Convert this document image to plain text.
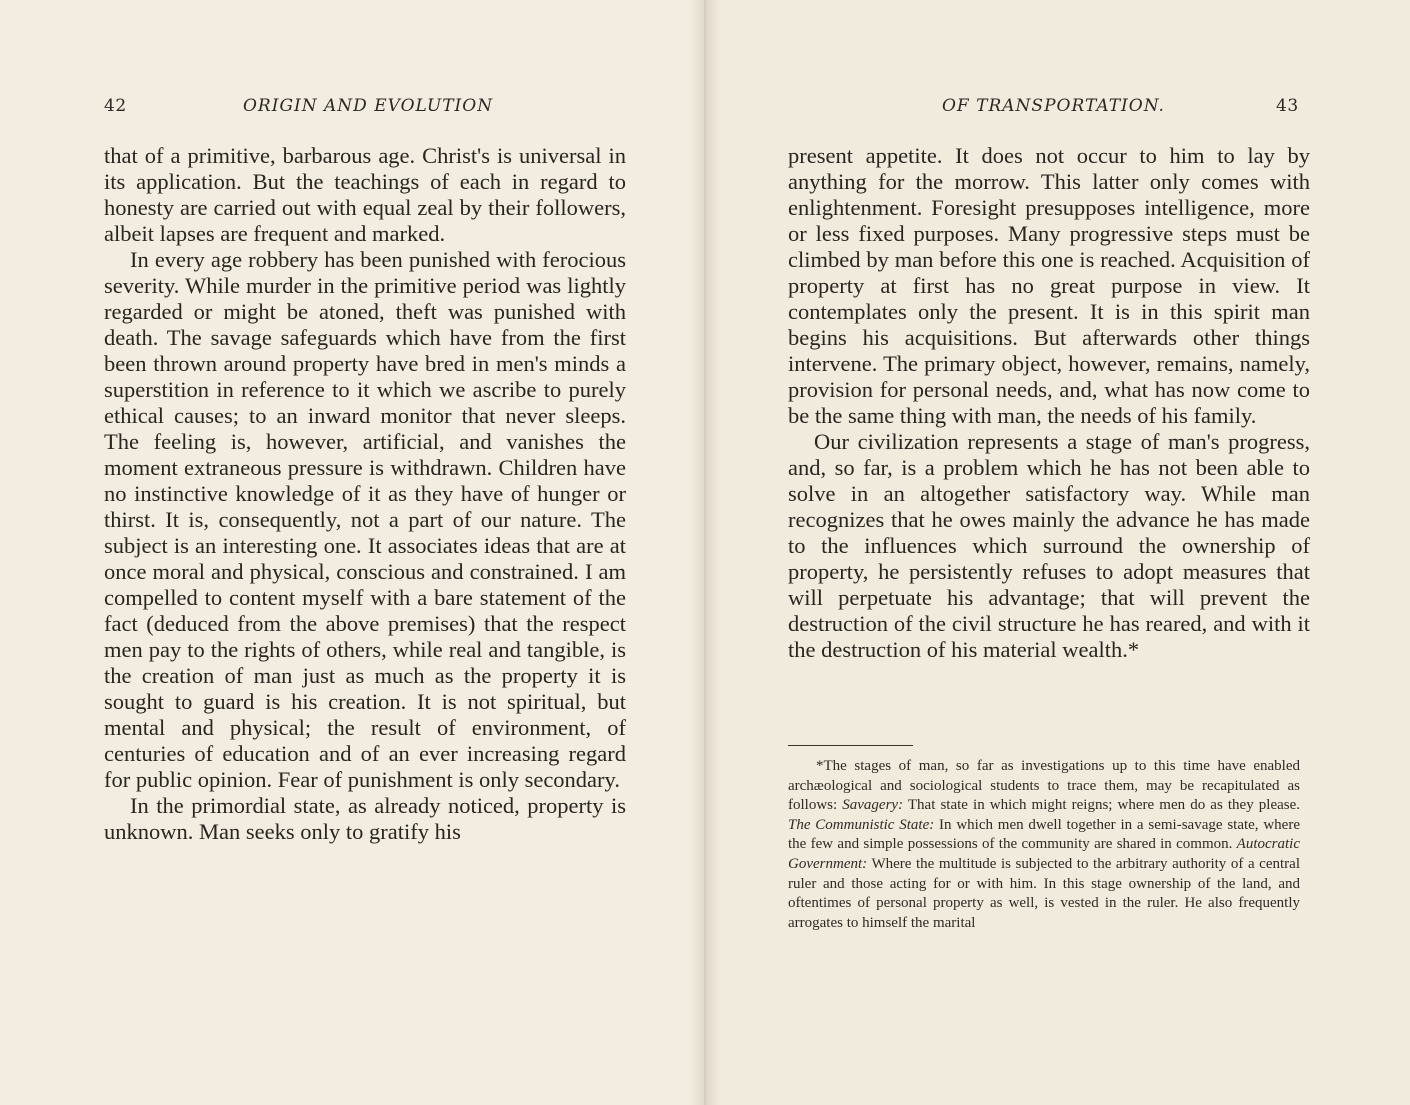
42	ORIGIN AND EVOLUTION

that of a primitive, barbarous age. Christ's is universal in its application. But the teachings of each in regard to honesty are carried out with equal zeal by their followers, albeit lapses are frequent and marked.

In every age robbery has been punished with ferocious severity. While murder in the primitive period was lightly regarded or might be atoned, theft was punished with death. The savage safeguards which have from the first been thrown around property have bred in men's minds a superstition in reference to it which we ascribe to purely ethical causes; to an inward monitor that never sleeps. The feeling is, however, artificial, and vanishes the moment extraneous pressure is withdrawn. Children have no instinctive knowledge of it as they have of hunger or thirst. It is, consequently, not a part of our nature. The subject is an interesting one. It associates ideas that are at once moral and physical, conscious and constrained. I am compelled to content myself with a bare statement of the fact (deduced from the above premises) that the respect men pay to the rights of others, while real and tangible, is the creation of man just as much as the property it is sought to guard is his creation. It is not spiritual, but mental and physical; the result of environment, of centuries of education and of an ever increasing regard for public opinion. Fear of punishment is only secondary.

In the primordial state, as already noticed, property is unknown. Man seeks only to gratify his

OF TRANSPORTATION.	43

present appetite. It does not occur to him to lay by anything for the morrow. This latter only comes with enlightenment. Foresight presupposes intelligence, more or less fixed purposes. Many progressive steps must be climbed by man before this one is reached. Acquisition of property at first has no great purpose in view. It contemplates only the present. It is in this spirit man begins his acquisitions. But afterwards other things intervene. The primary object, however, remains, namely, provision for personal needs, and, what has now come to be the same thing with man, the needs of his family.

Our civilization represents a stage of man's progress, and, so far, is a problem which he has not been able to solve in an altogether satisfactory way. While man recognizes that he owes mainly the advance he has made to the influences which surround the ownership of property, he persistently refuses to adopt measures that will perpetuate his advantage; that will prevent the destruction of the civil structure he has reared, and with it the destruction of his material wealth.*

*The stages of man, so far as investigations up to this time have enabled archæological and sociological students to trace them, may be recapitulated as follows: Savagery: That state in which might reigns; where men do as they please. The Communistic State: In which men dwell together in a semi-savage state, where the few and simple possessions of the community are shared in common. Autocratic Government: Where the multitude is subjected to the arbitrary authority of a central ruler and those acting for or with him. In this stage ownership of the land, and oftentimes of personal property as well, is vested in the ruler. He also frequently arrogates to himself the marital
